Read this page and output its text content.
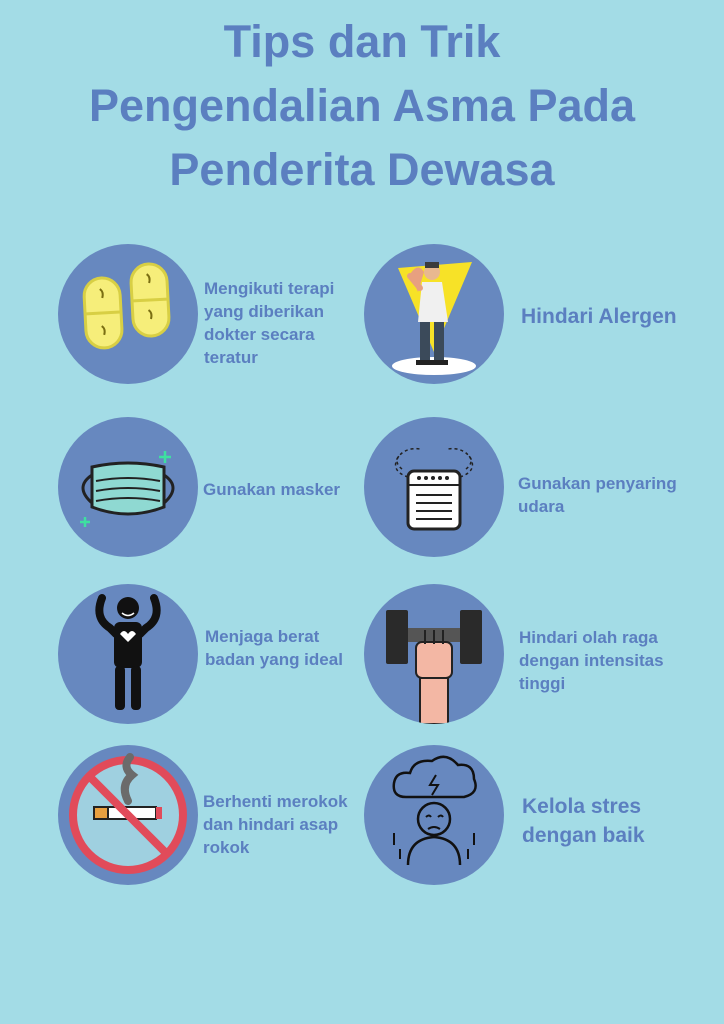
Tips dan Trik
Pengendalian Asma Pada
Penderita Dewasa
Mengikuti terapi yang diberikan dokter secara teratur
Hindari Alergen
Gunakan masker	Gunakan penyaring udara
Menjaga berat badan yang ideal
Hindari olah raga dengan intensitas tinggi
Berhenti merokok dan hindari asap rokok
Kelola stres dengan baik
